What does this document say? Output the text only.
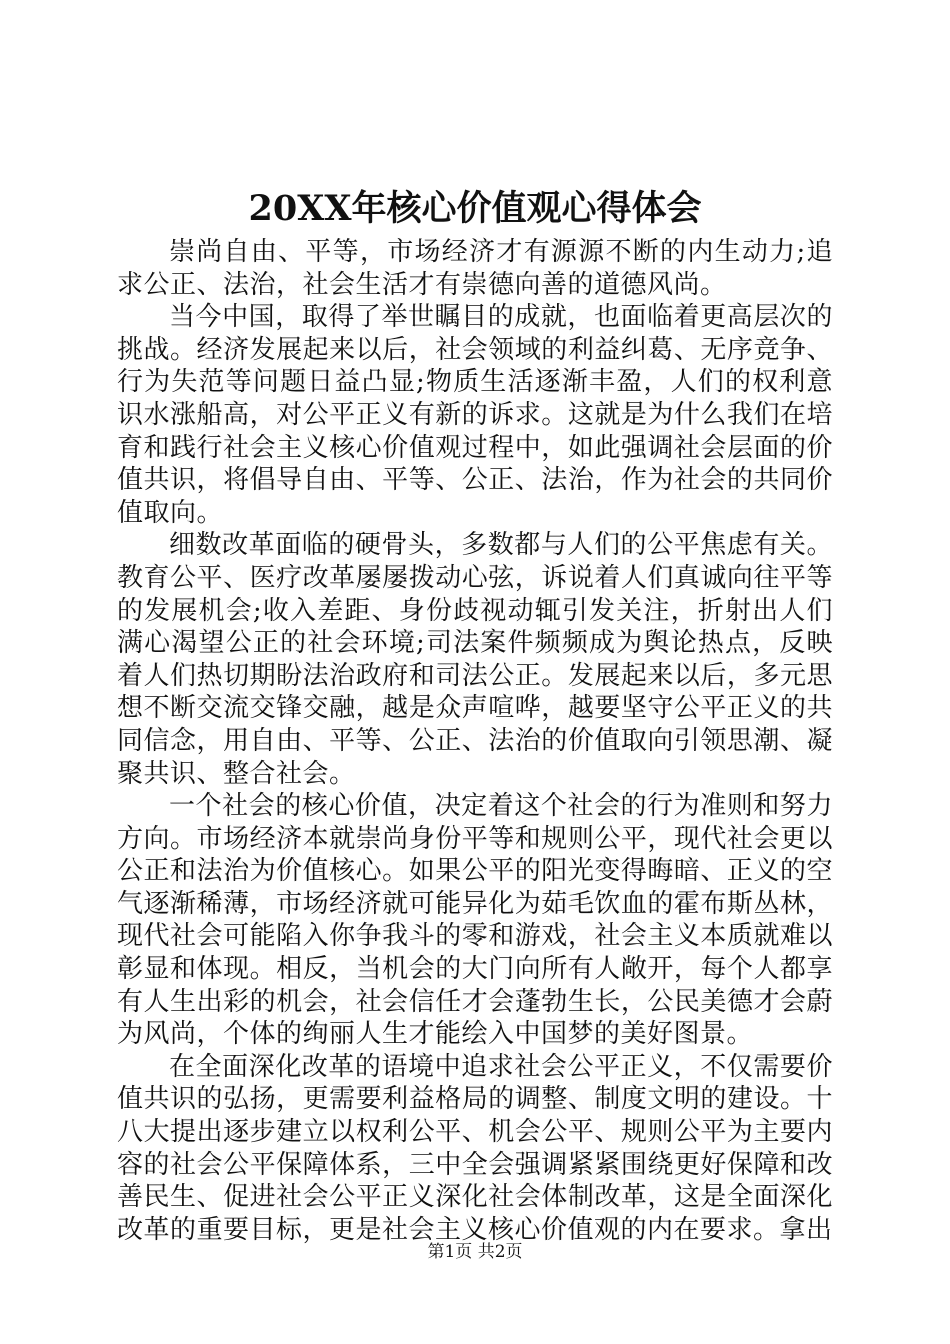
20XX年核心价值观心得体会

崇尚自由、平等，市场经济才有源源不断的内生动力;追求公正、法治，社会生活才有崇德向善的道德风尚。

当今中国，取得了举世瞩目的成就，也面临着更高层次的挑战。经济发展起来以后，社会领域的利益纠葛、无序竞争、行为失范等问题日益凸显;物质生活逐渐丰盈，人们的权利意识水涨船高，对公平正义有新的诉求。这就是为什么我们在培育和践行社会主义核心价值观过程中，如此强调社会层面的价值共识，将倡导自由、平等、公正、法治，作为社会的共同价值取向。

细数改革面临的硬骨头，多数都与人们的公平焦虑有关。教育公平、医疗改革屡屡拨动心弦，诉说着人们真诚向往平等的发展机会;收入差距、身份歧视动辄引发关注，折射出人们满心渴望公正的社会环境;司法案件频频成为舆论热点，反映着人们热切期盼法治政府和司法公正。发展起来以后，多元思想不断交流交锋交融，越是众声喧哗，越要坚守公平正义的共同信念，用自由、平等、公正、法治的价值取向引领思潮、凝聚共识、整合社会。

一个社会的核心价值，决定着这个社会的行为准则和努力方向。市场经济本就崇尚身份平等和规则公平，现代社会更以公正和法治为价值核心。如果公平的阳光变得晦暗、正义的空气逐渐稀薄，市场经济就可能异化为茹毛饮血的霍布斯丛林，现代社会可能陷入你争我斗的零和游戏，社会主义本质就难以彰显和体现。相反，当机会的大门向所有人敞开，每个人都享有人生出彩的机会，社会信任才会蓬勃生长，公民美德才会蔚为风尚，个体的绚丽人生才能绘入中国梦的美好图景。

在全面深化改革的语境中追求社会公平正义，不仅需要价值共识的弘扬，更需要利益格局的调整、制度文明的建设。十八大提出逐步建立以权利公平、机会公平、规则公平为主要内容的社会公平保障体系，三中全会强调紧紧围绕更好保障和改善民生、促进社会公平正义深化社会体制改革，这是全面深化改革的重要目标，更是社会主义核心价值观的内在要求。拿出

第1页 共2页
